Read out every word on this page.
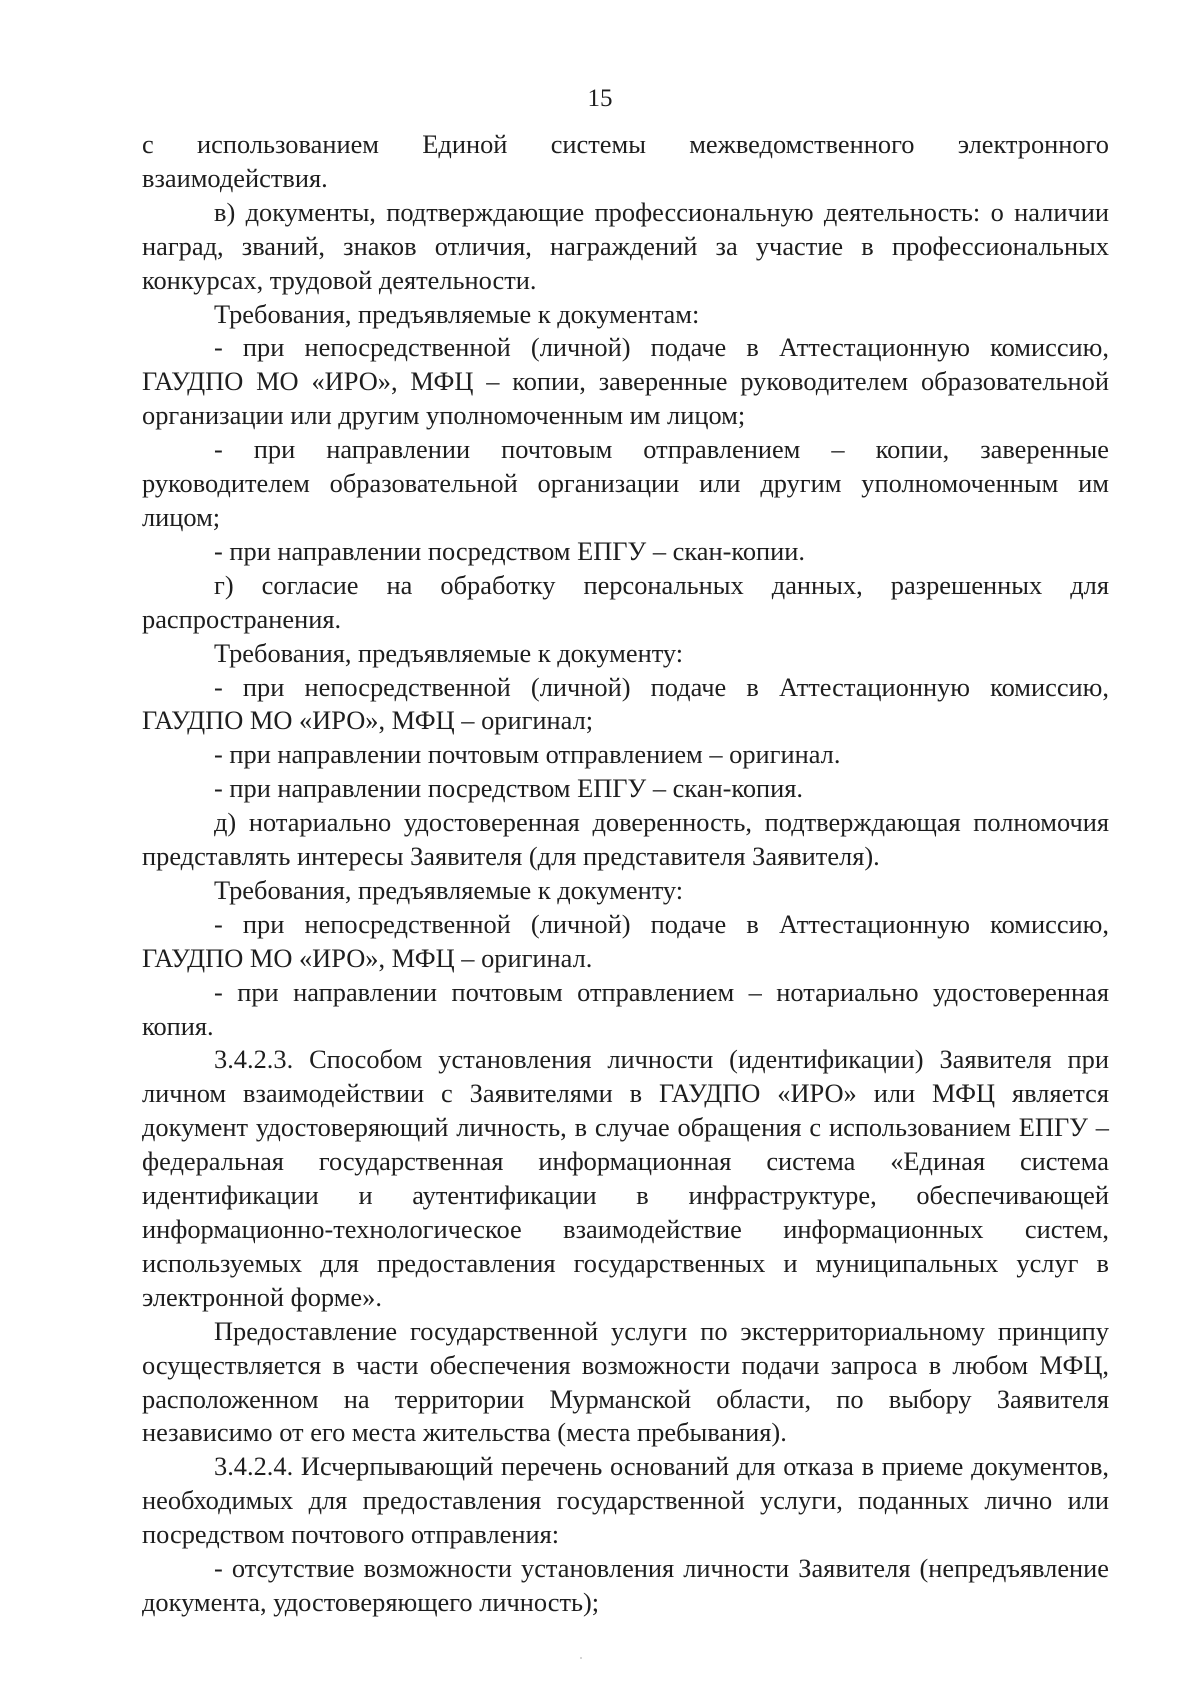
15

с использованием Единой системы межведомственного электронного взаимодействия.

в) документы, подтверждающие профессиональную деятельность: о наличии наград, званий, знаков отличия, награждений за участие в профессиональных конкурсах, трудовой деятельности.

Требования, предъявляемые к документам:

- при непосредственной (личной) подаче в Аттестационную комиссию, ГАУДПО МО «ИРО», МФЦ – копии, заверенные руководителем образовательной организации или другим уполномоченным им лицом;

- при направлении почтовым отправлением – копии, заверенные руководителем образовательной организации или другим уполномоченным им лицом;

- при направлении посредством ЕПГУ – скан-копии.

г) согласие на обработку персональных данных, разрешенных для распространения.

Требования, предъявляемые к документу:

- при непосредственной (личной) подаче в Аттестационную комиссию, ГАУДПО МО «ИРО», МФЦ – оригинал;

- при направлении почтовым отправлением – оригинал.

- при направлении посредством ЕПГУ – скан-копия.

д) нотариально удостоверенная доверенность, подтверждающая полномочия представлять интересы Заявителя (для представителя Заявителя).

Требования, предъявляемые к документу:

- при непосредственной (личной) подаче в Аттестационную комиссию, ГАУДПО МО «ИРО», МФЦ – оригинал.

- при направлении почтовым отправлением – нотариально удостоверенная копия.

3.4.2.3. Способом установления личности (идентификации) Заявителя при личном взаимодействии с Заявителями в ГАУДПО «ИРО» или МФЦ является документ удостоверяющий личность, в случае обращения с использованием ЕПГУ – федеральная государственная информационная система «Единая система идентификации и аутентификации в инфраструктуре, обеспечивающей информационно-технологическое взаимодействие информационных систем, используемых для предоставления государственных и муниципальных услуг в электронной форме».

Предоставление государственной услуги по экстерриториальному принципу осуществляется в части обеспечения возможности подачи запроса в любом МФЦ, расположенном на территории Мурманской области, по выбору Заявителя независимо от его места жительства (места пребывания).

3.4.2.4. Исчерпывающий перечень оснований для отказа в приеме документов, необходимых для предоставления государственной услуги, поданных лично или посредством почтового отправления:

- отсутствие возможности установления личности Заявителя (непредъявление документа, удостоверяющего личность);
